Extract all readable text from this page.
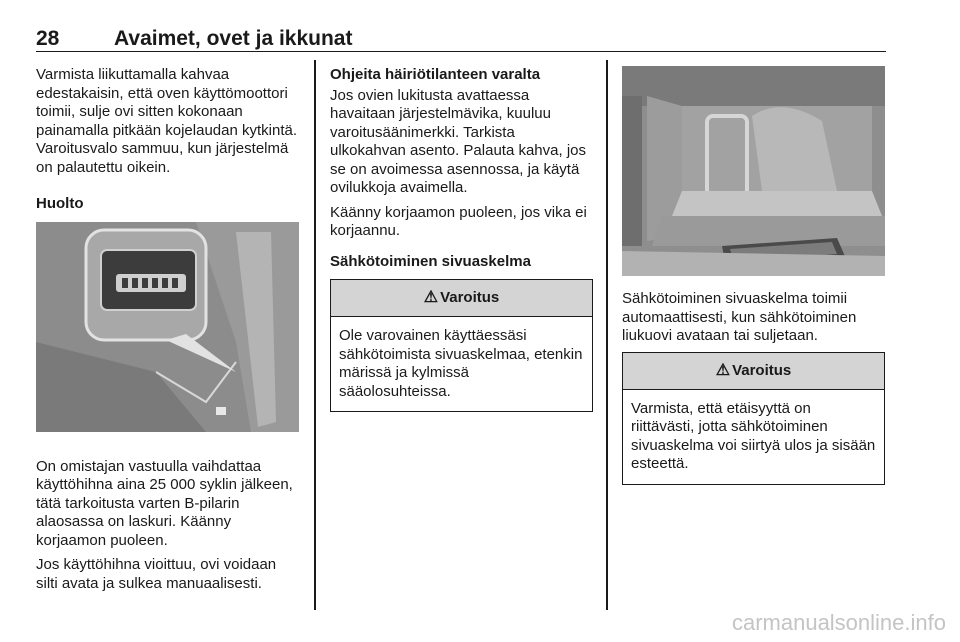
28	Avaimet, ovet ja ikkunat

Varmista liikuttamalla kahvaa edestakaisin, että oven käyttömoottori toimii, sulje ovi sitten kokonaan painamalla pitkään kojelaudan kytkintä. Varoitusvalo sammuu, kun järjestelmä on palautettu oikein.

Huolto

On omistajan vastuulla vaihdattaa käyttöhihna aina 25 000 syklin jälkeen, tätä tarkoitusta varten B-pilarin alaosassa on laskuri. Käänny korjaamon puoleen.

Jos käyttöhihna vioittuu, ovi voidaan silti avata ja sulkea manuaalisesti.

Ohjeita häiriötilanteen varalta

Jos ovien lukitusta avattaessa havaitaan järjestelmävika, kuuluu varoitusäänimerkki. Tarkista ulkokahvan asento. Palauta kahva, jos se on avoimessa asennossa, ja käytä ovilukkoja avaimella.

Käänny korjaamon puoleen, jos vika ei korjaannu.

Sähkötoiminen sivuaskelma

⚠ Varoitus
Ole varovainen käyttäessäsi sähkötoimista sivuaskelmaa, etenkin märissä ja kylmissä sääolosuhteissa.

Sähkötoiminen sivuaskelma toimii automaattisesti, kun sähkötoiminen liukuovi avataan tai suljetaan.

⚠ Varoitus
Varmista, että etäisyyttä on riittävästi, jotta sähkötoiminen sivuaskelma voi siirtyä ulos ja sisään esteettä.
carmanualsonline.info
